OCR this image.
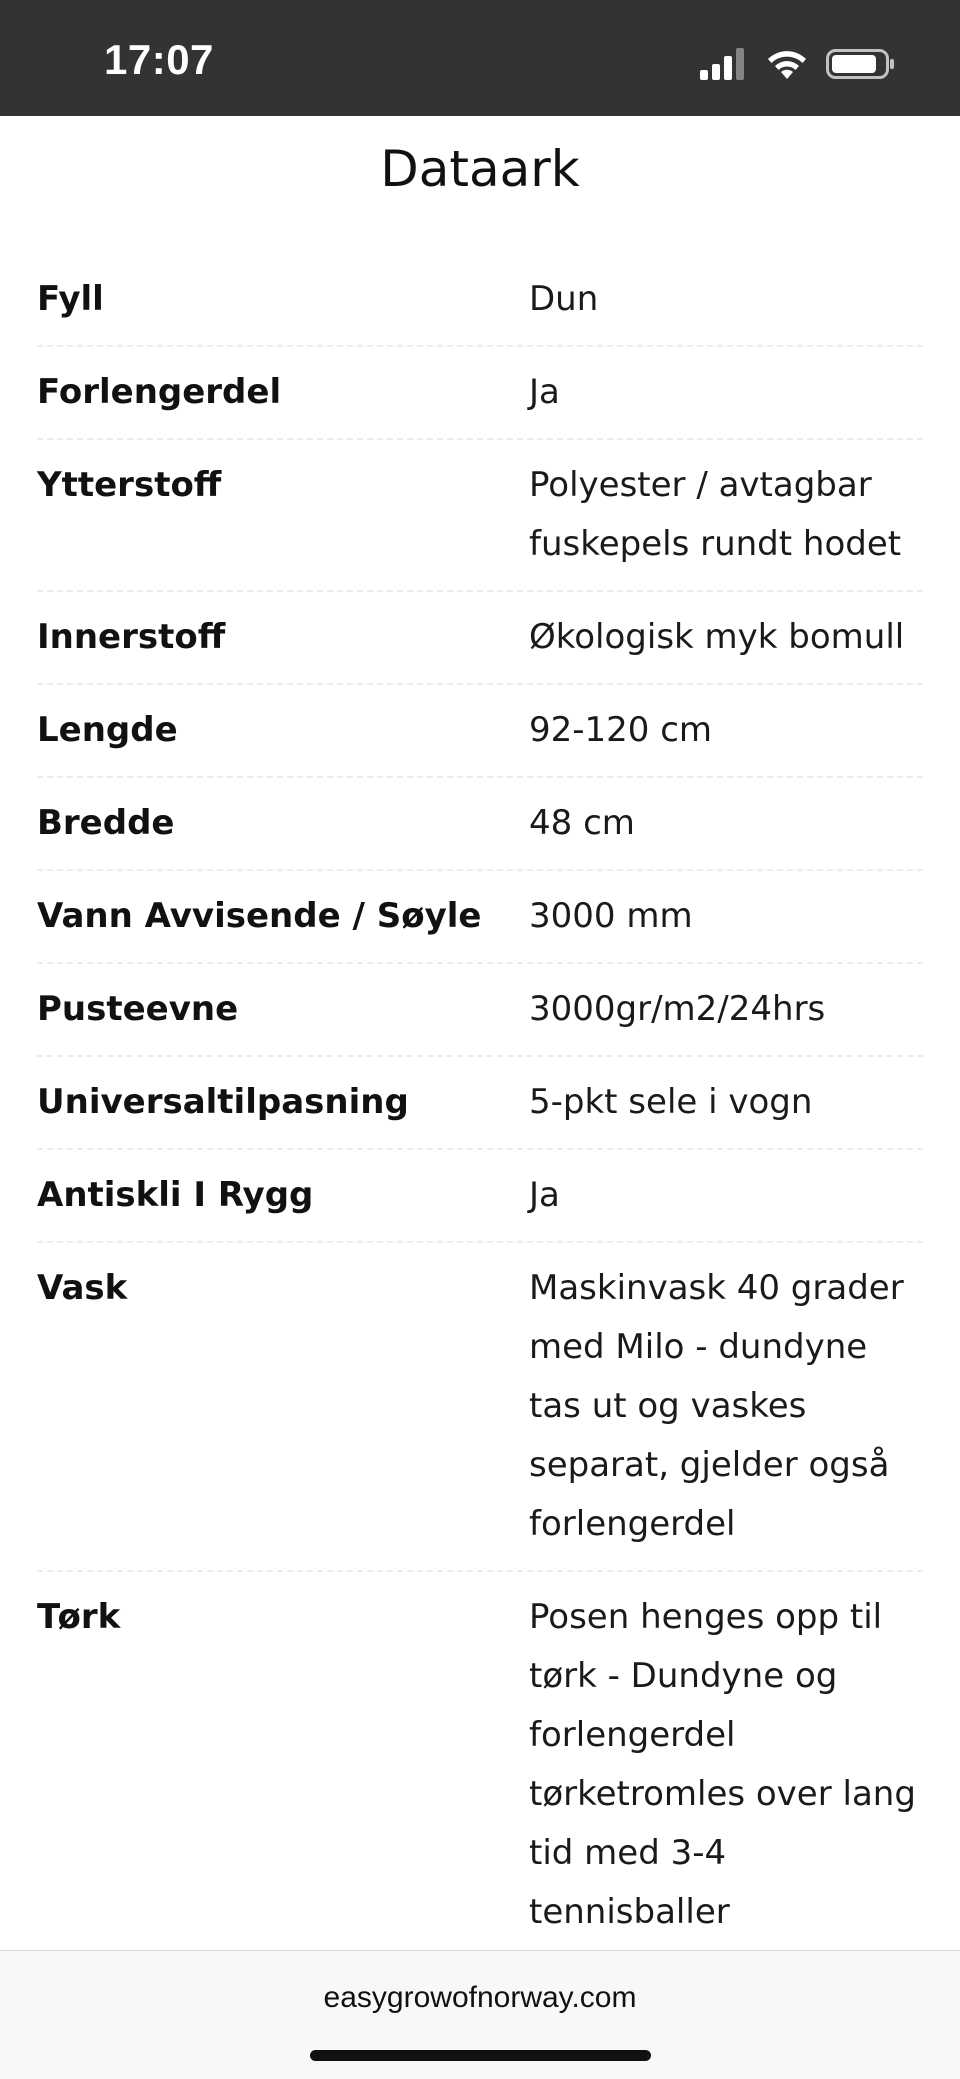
17:07
Dataark
Fyll	Dun
Forlengerdel	Ja
Ytterstoff	Polyester / avtagbar fuskepels rundt hodet
Innerstoff	Økologisk myk bomull
Lengde	92-120 cm
Bredde	48 cm
Vann Avvisende / Søyle	3000 mm
Pusteevne	3000gr/m2/24hrs
Universaltilpasning	5-pkt sele i vogn
Antiskli I Rygg	Ja
Vask	Maskinvask 40 grader med Milo - dundyne tas ut og vaskes separat, gjelder også forlengerdel
Tørk	Posen henges opp til tørk - Dundyne og forlengerdel tørketromles over lang tid med 3-4 tennisballer
easygrowofnorway.com
